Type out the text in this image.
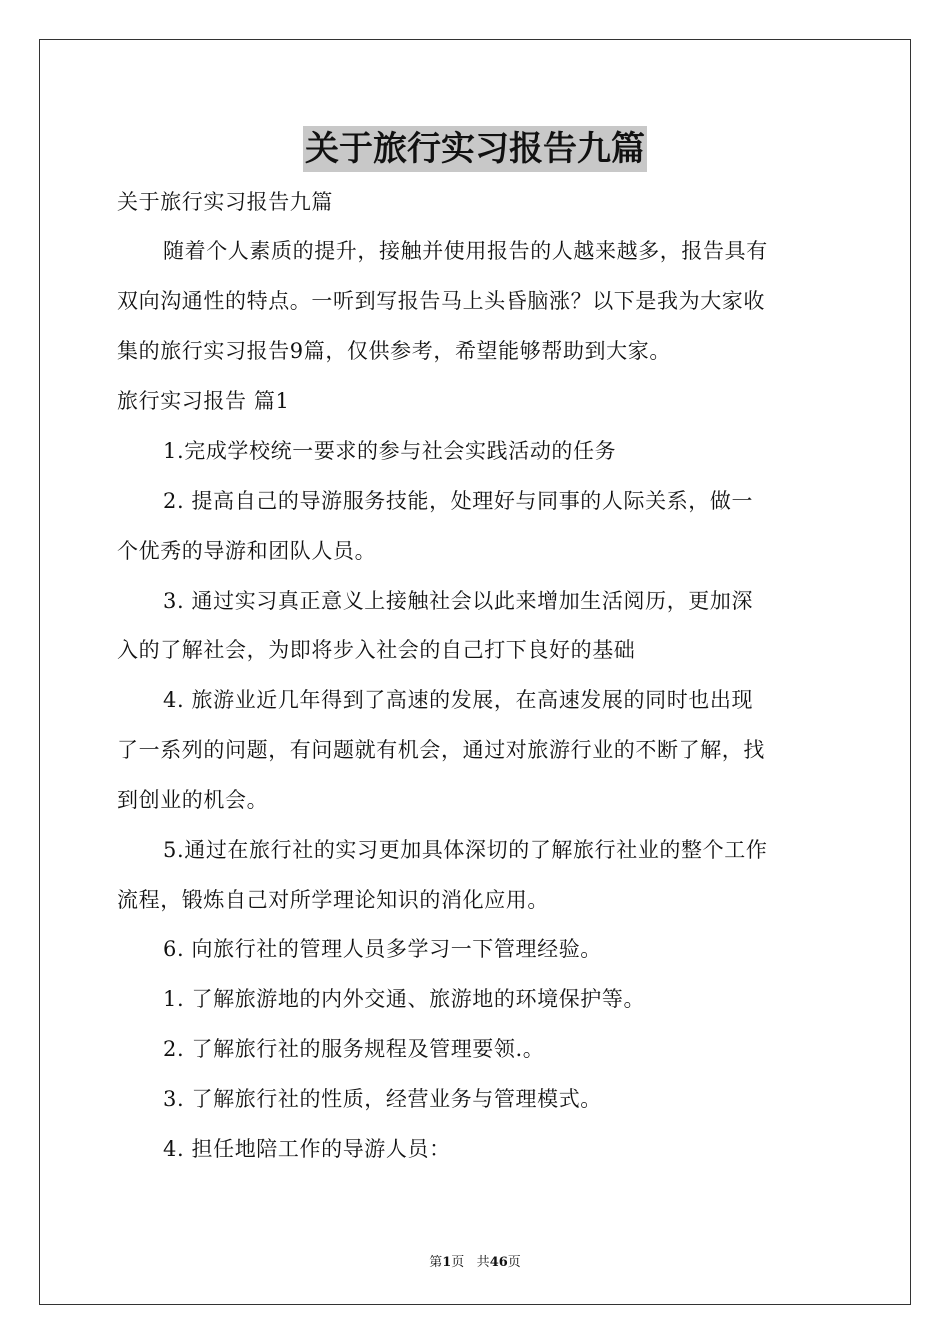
关于旅行实习报告九篇
关于旅行实习报告九篇
随着个人素质的提升，接触并使用报告的人越来越多，报告具有
双向沟通性的特点。一听到写报告马上头昏脑涨？以下是我为大家收
集的旅行实习报告9篇，仅供参考，希望能够帮助到大家。
旅行实习报告 篇1
1.完成学校统一要求的参与社会实践活动的任务
2. 提高自己的导游服务技能，处理好与同事的人际关系，做一
个优秀的导游和团队人员。
3. 通过实习真正意义上接触社会以此来增加生活阅历，更加深
入的了解社会，为即将步入社会的自己打下良好的基础
4. 旅游业近几年得到了高速的发展，在高速发展的同时也出现
了一系列的问题，有问题就有机会，通过对旅游行业的不断了解，找
到创业的机会。
5.通过在旅行社的实习更加具体深切的了解旅行社业的整个工作
流程，锻炼自己对所学理论知识的消化应用。
6. 向旅行社的管理人员多学习一下管理经验。
1. 了解旅游地的内外交通、旅游地的环境保护等。
2. 了解旅行社的服务规程及管理要领.。
3. 了解旅行社的性质，经营业务与管理模式。
4. 担任地陪工作的导游人员：
第1页 共46页
